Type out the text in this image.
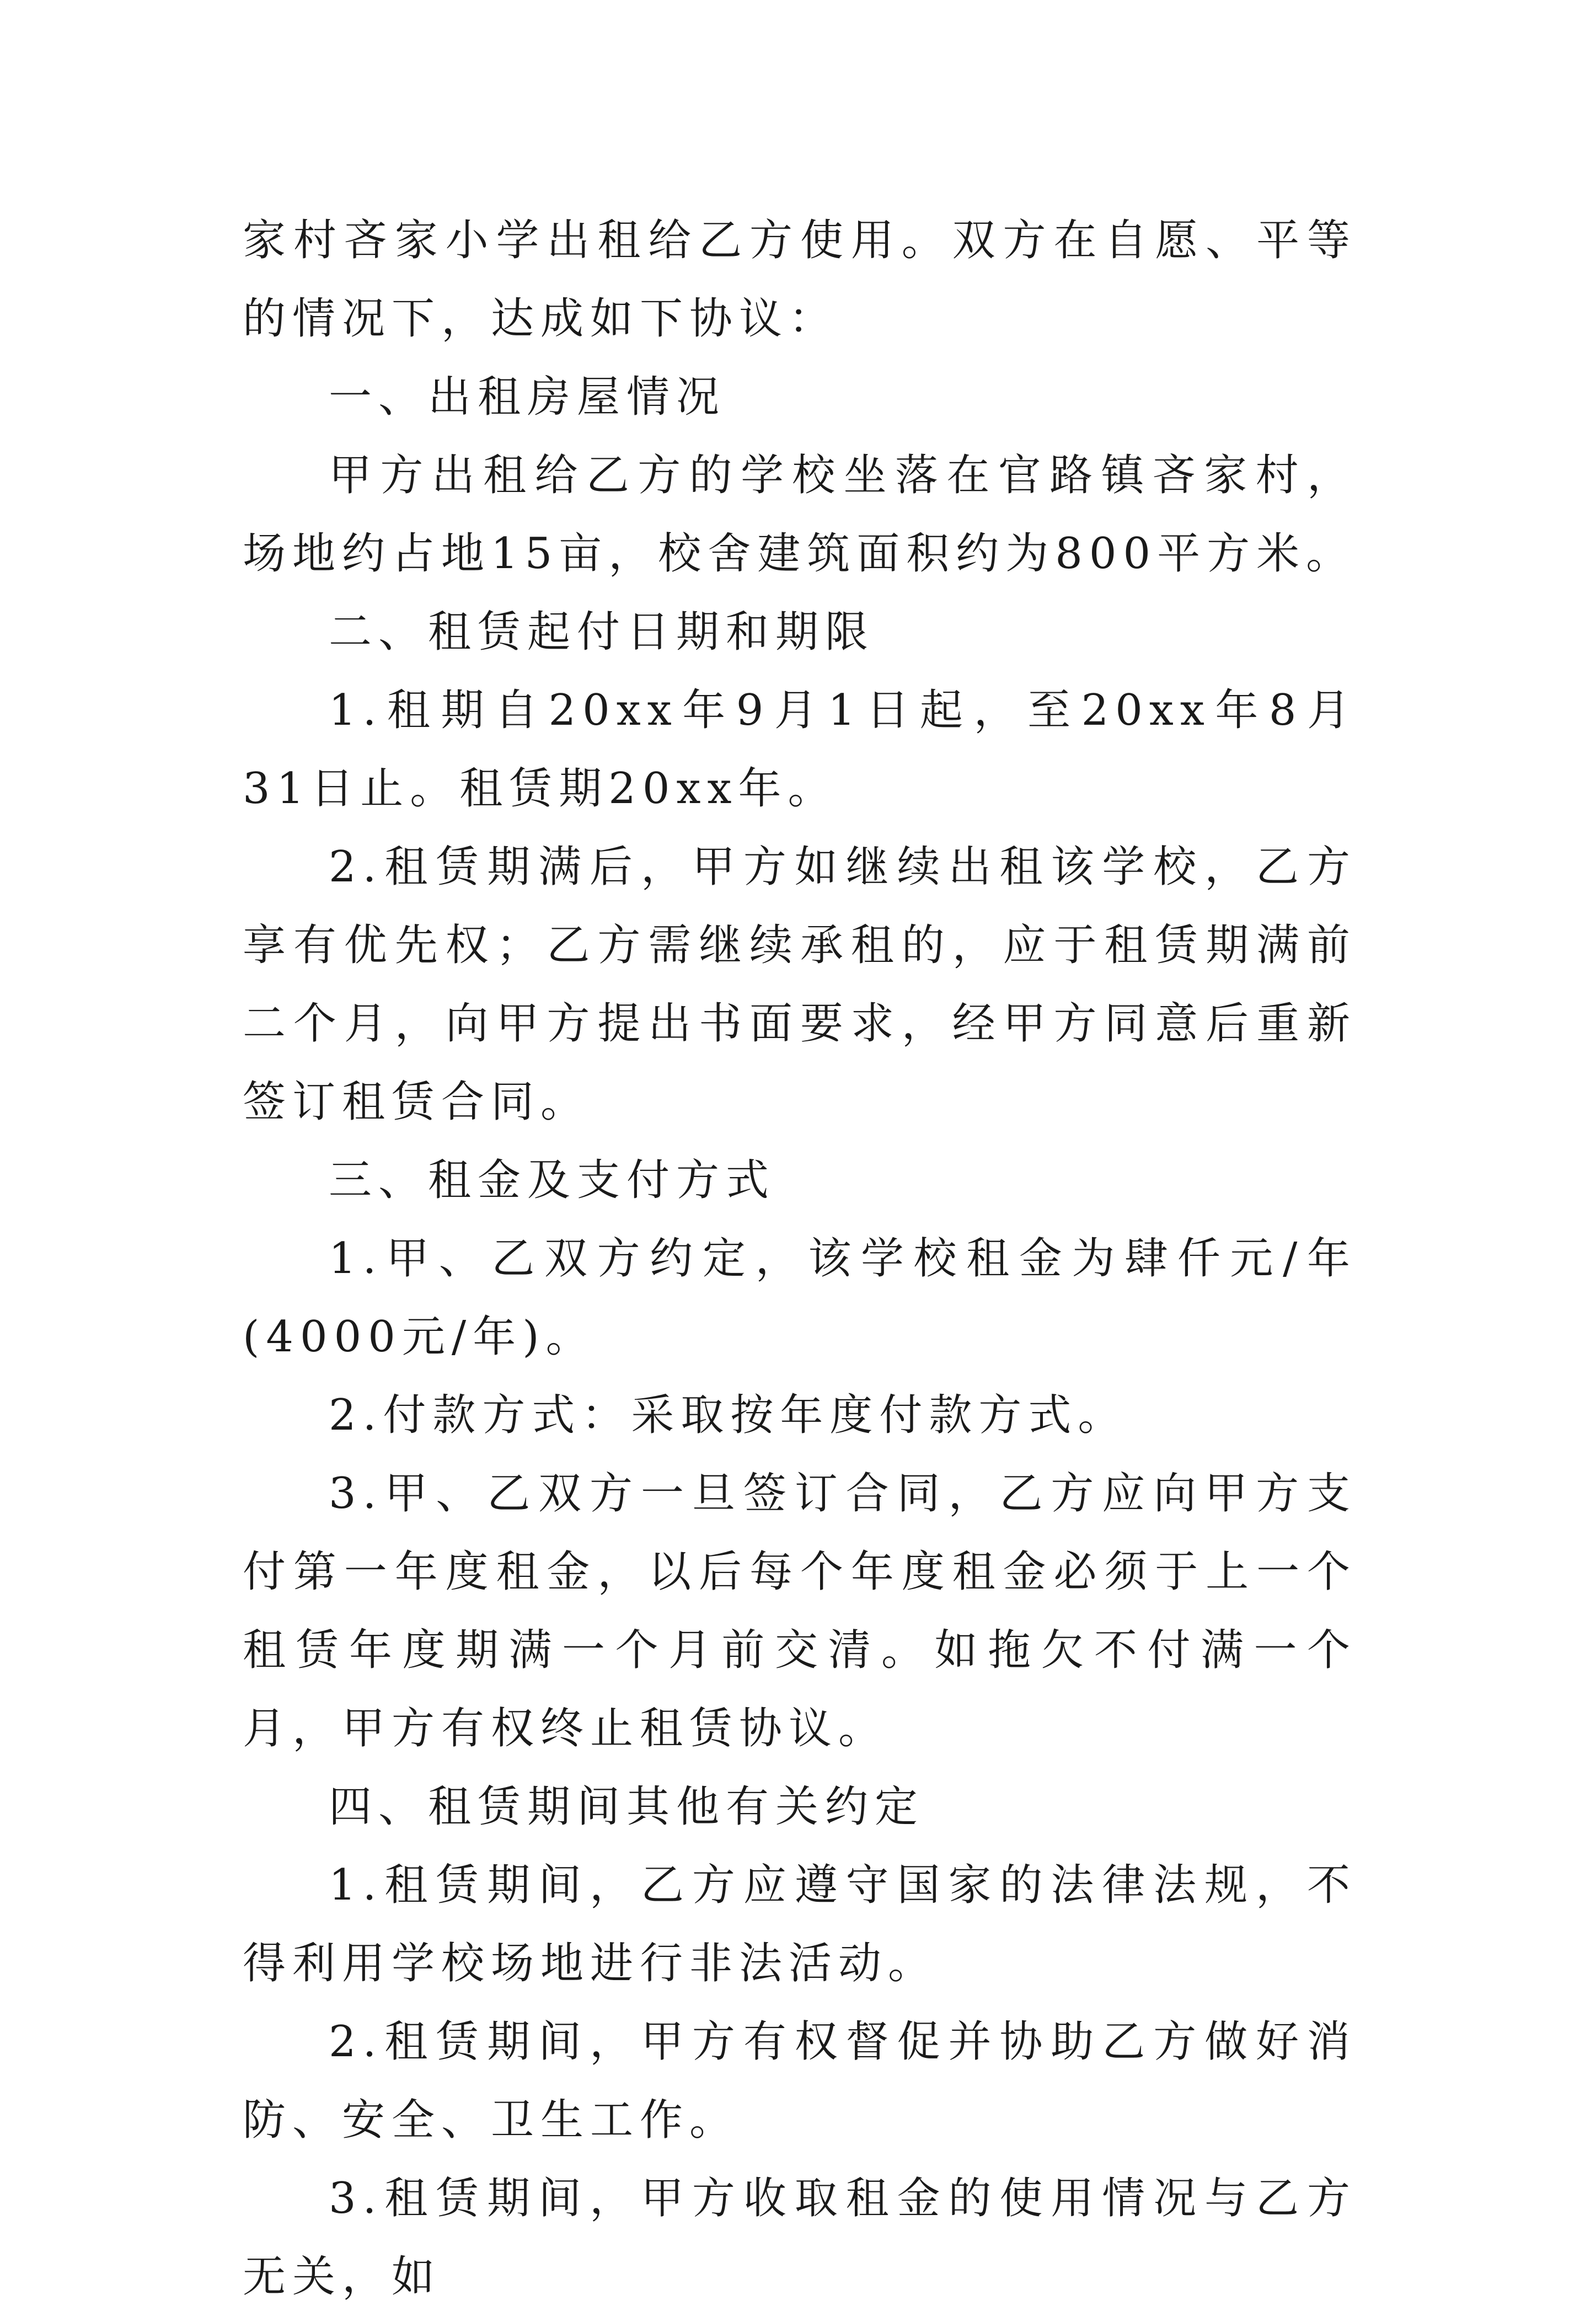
家村吝家小学出租给乙方使用。双方在自愿、平等的情况下，达成如下协议：

一、出租房屋情况

甲方出租给乙方的学校坐落在官路镇吝家村，场地约占地15亩，校舍建筑面积约为800平方米。

二、租赁起付日期和期限

1.租期自20xx年9月1日起，至20xx年8月31日止。租赁期20xx年。

2.租赁期满后，甲方如继续出租该学校，乙方享有优先权；乙方需继续承租的，应于租赁期满前二个月，向甲方提出书面要求，经甲方同意后重新签订租赁合同。

三、租金及支付方式

1.甲、乙双方约定，该学校租金为肆仟元/年(4000元/年)。

2.付款方式：采取按年度付款方式。

3.甲、乙双方一旦签订合同，乙方应向甲方支付第一年度租金，以后每个年度租金必须于上一个租赁年度期满一个月前交清。如拖欠不付满一个月，甲方有权终止租赁协议。

四、租赁期间其他有关约定

1.租赁期间，乙方应遵守国家的法律法规，不得利用学校场地进行非法活动。

2.租赁期间，甲方有权督促并协助乙方做好消防、安全、卫生工作。

3.租赁期间，甲方收取租金的使用情况与乙方无关，如
